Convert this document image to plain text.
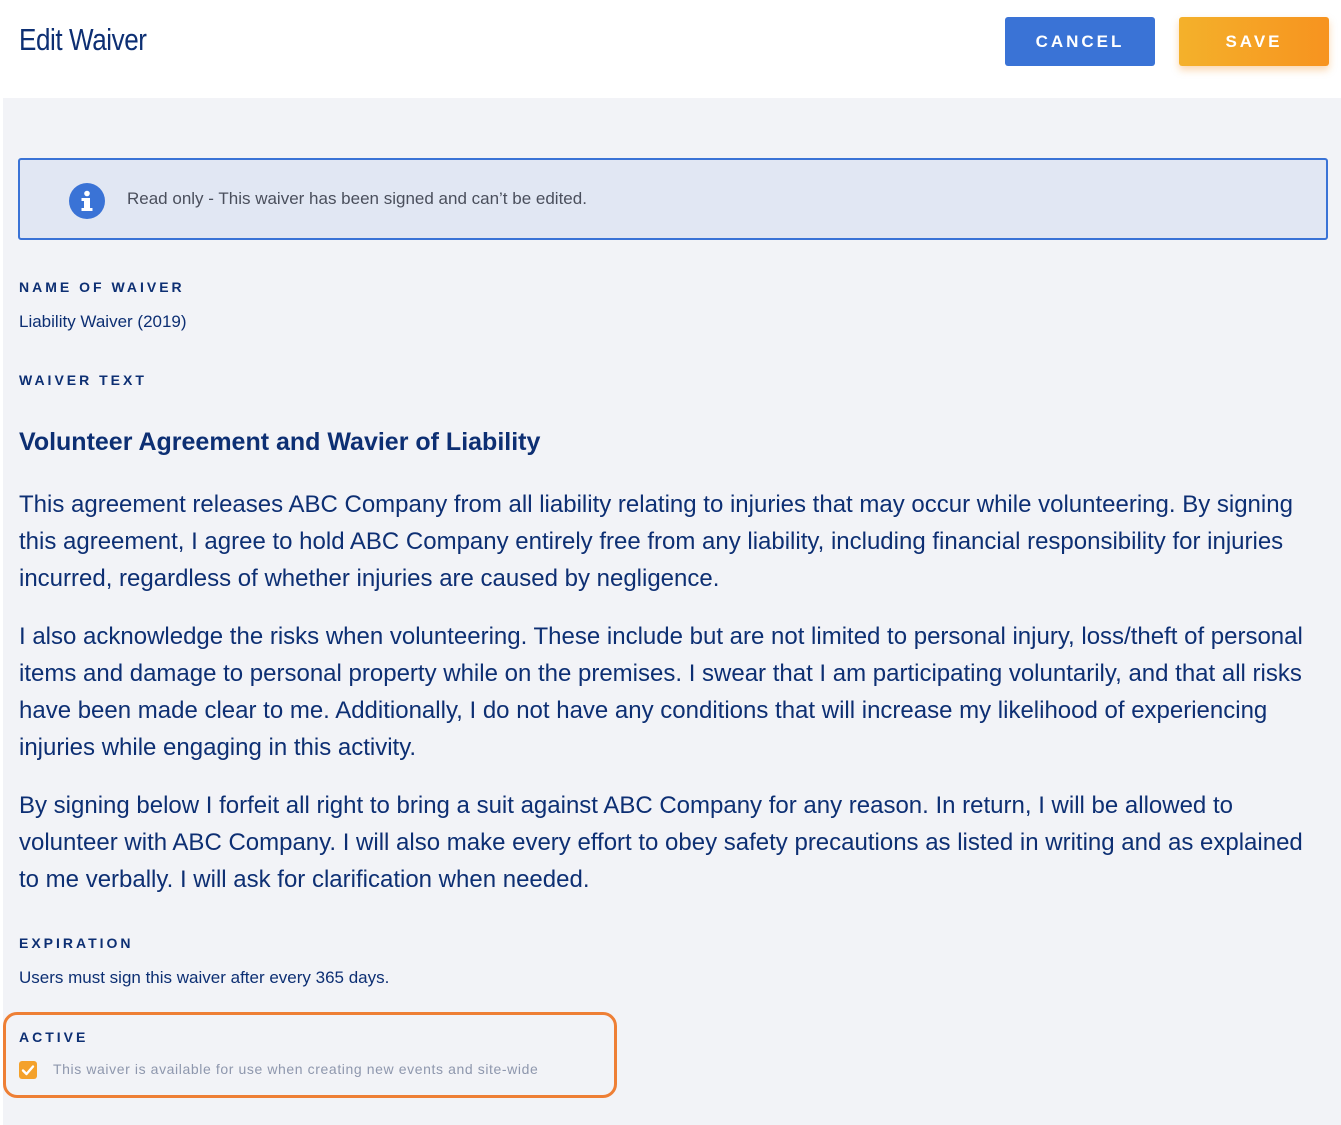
Edit Waiver	CANCEL	SAVE
Read only - This waiver has been signed and can’t be edited.
NAME OF WAIVER
Liability Waiver (2019)
WAIVER TEXT
Volunteer Agreement and Wavier of Liability

This agreement releases ABC Company from all liability relating to injuries that may occur while volunteering. By signing this agreement, I agree to hold ABC Company entirely free from any liability, including financial responsibility for injuries incurred, regardless of whether injuries are caused by negligence.

I also acknowledge the risks when volunteering. These include but are not limited to personal injury, loss/theft of personal items and damage to personal property while on the premises. I swear that I am participating voluntarily, and that all risks have been made clear to me. Additionally, I do not have any conditions that will increase my likelihood of experiencing injuries while engaging in this activity.

By signing below I forfeit all right to bring a suit against ABC Company for any reason. In return, I will be allowed to volunteer with ABC Company. I will also make every effort to obey safety precautions as listed in writing and as explained to me verbally. I will ask for clarification when needed.

EXPIRATION
Users must sign this waiver after every 365 days.
ACTIVE
This waiver is available for use when creating new events and site-wide
